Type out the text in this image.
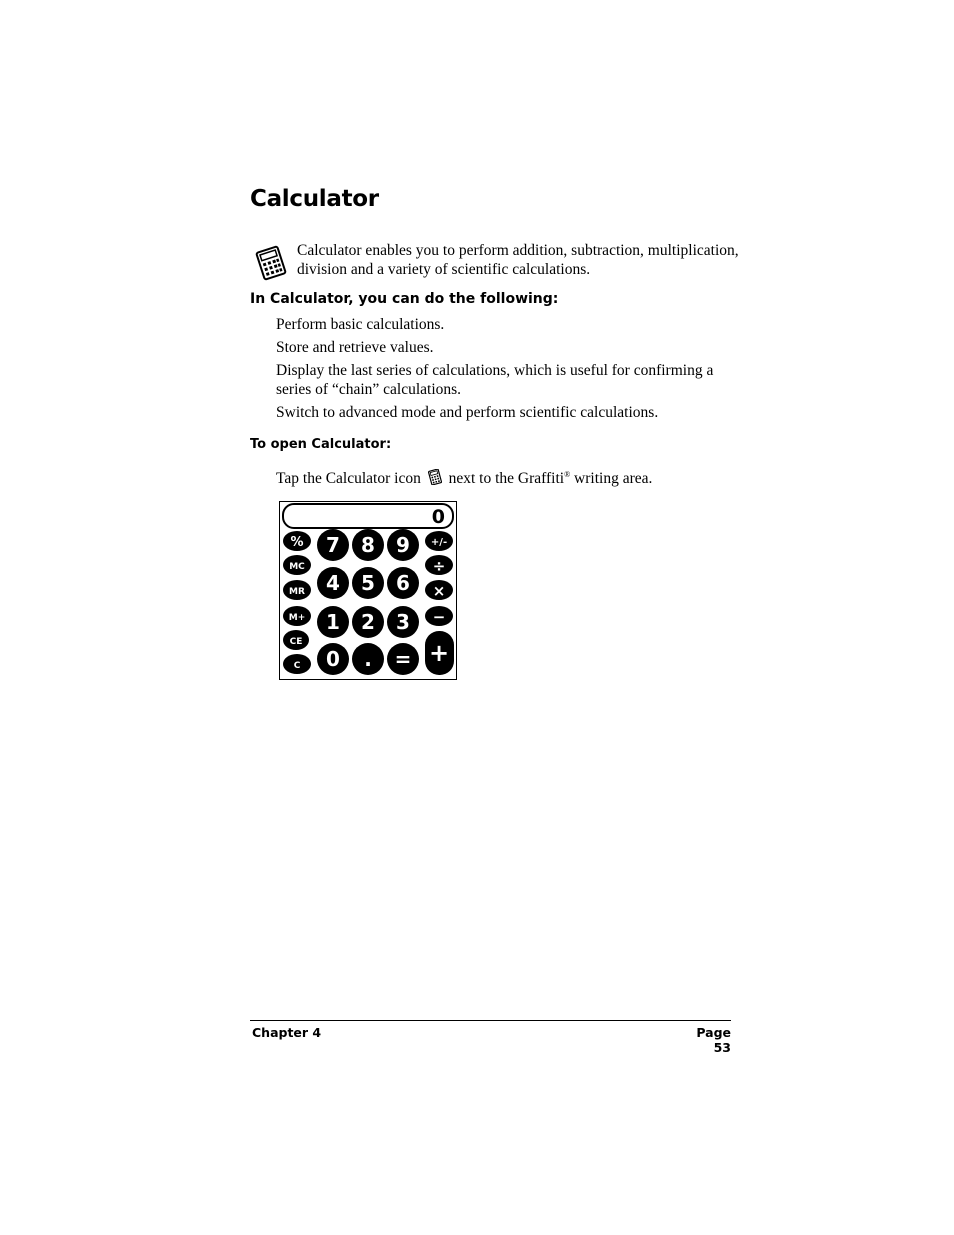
Calculator
Calculator enables you to perform addition, subtraction, multiplication, division and a variety of scientific calculations.
In Calculator, you can do the following:
Perform basic calculations.
Store and retrieve values.
Display the last series of calculations, which is useful for confirming a series of “chain” calculations.
Switch to advanced mode and perform scientific calculations.
To open Calculator:
Tap the Calculator icon next to the Graffiti® writing area.
0
%
MC
MR
M+
CE
C
7 8 9
4 5 6
1 2 3
0 . =
+/-
÷
×
−
+
Chapter 4	Page 53
